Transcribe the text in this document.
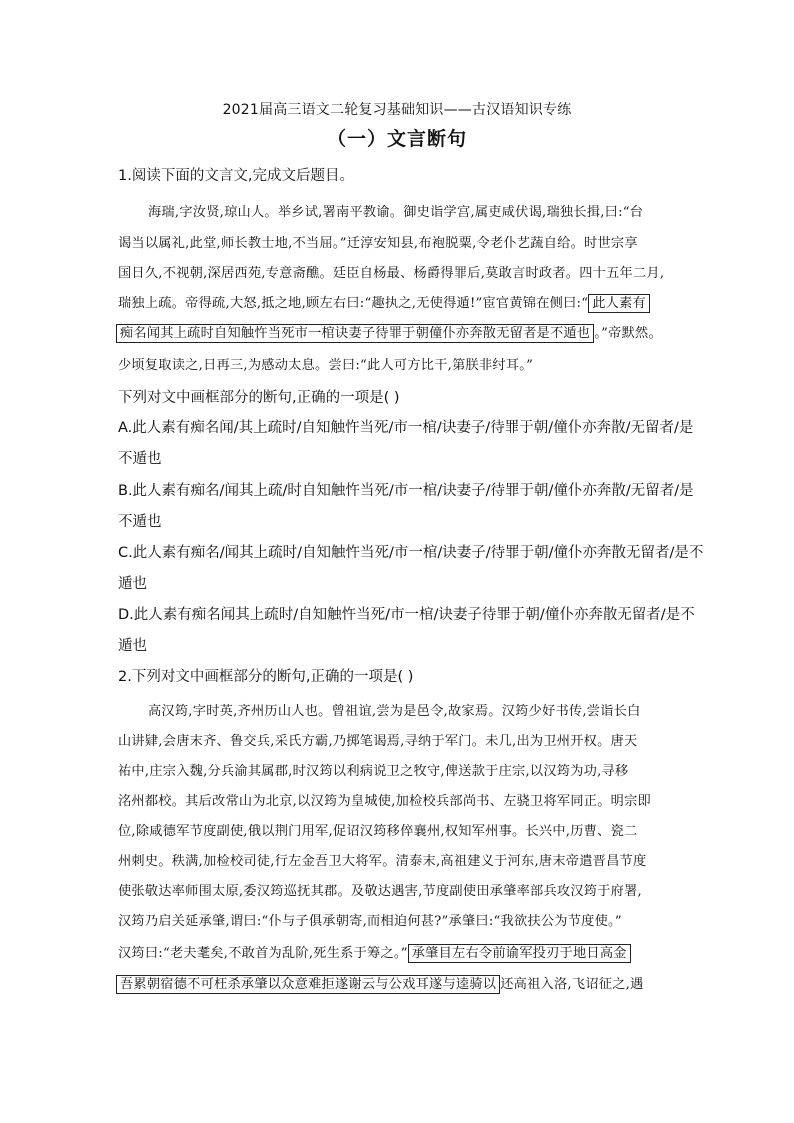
2021届高三语文二轮复习基础知识——古汉语知识专练
（一）文言断句
1.阅读下面的文言文,完成文后题目。
海瑞,字汝贤,琼山人。举乡试,署南平教谕。御史诣学宫,属吏咸伏谒,瑞独长揖,曰:“台
谒当以属礼,此堂,师长教士地,不当屈。”迁淳安知县,布袍脱粟,令老仆艺蔬自给。时世宗享
国日久,不视朝,深居西苑,专意斋醮。廷臣自杨最、杨爵得罪后,莫敢言时政者。四十五年二月,
瑞独上疏。帝得疏,大怒,抵之地,顾左右曰:“趣执之,无使得遁!”宦官黄锦在侧曰:“ 此人素有
痴名闻其上疏时自知触忤当死市一棺诀妻子待罪于朝僮仆亦奔散无留者是不遁也 。”帝默然。
少顷复取读之,日再三,为感动太息。尝曰:“此人可方比干,第朕非纣耳。”
下列对文中画框部分的断句,正确的一项是( )
A.此人素有痴名闻/其上疏时/自知触忤当死/市一棺/诀妻子/待罪于朝/僮仆亦奔散/无留者/是
不遁也
B.此人素有痴名/闻其上疏/时自知触忤当死/市一棺/诀妻子/待罪于朝/僮仆亦奔散/无留者/是
不遁也
C.此人素有痴名/闻其上疏时/自知触忤当死/市一棺/诀妻子/待罪于朝/僮仆亦奔散无留者/是不
遁也
D.此人素有痴名闻其上疏时/自知触忤当死/市一棺/诀妻子待罪于朝/僮仆亦奔散无留者/是不
遁也
2.下列对文中画框部分的断句,正确的一项是( )
高汉筠,字时英,齐州历山人也。曾祖谊,尝为是邑令,故家焉。汉筠少好书传,尝诣长白
山讲肄,会唐末齐、鲁交兵,采氏方霸,乃掷笔谒焉,寻纳于军门。未几,出为卫州开权。唐天
祐中,庄宗入魏,分兵渝其属郡,时汉筠以利病说卫之牧守,俾送款于庄宗,以汉筠为功,寻移
洺州都校。其后改常山为北京,以汉筠为皇城使,加检校兵部尚书、左骁卫将军同正。明宗即
位,除咸德军节度副使,俄以荆门用军,促诏汉筠移倅襄州,权知军州事。长兴中,历曹、瓷二
州刺史。秩满,加检校司徒,行左金吾卫大将军。清泰末,高祖建义于河东,唐末帝遣晋昌节度
使张敬达率师围太原,委汉筠巡抚其郡。及敬达遇害,节度副使田承肇率部兵攻汉筠于府署,
汉筠乃启关延承肇,谓曰:“仆与子俱承朝寄,而相迫何甚?”承肇曰:“我欲扶公为节度使。”
汉筠曰:“老夫耄矣,不敢首为乱阶,死生系于筹之。” 承肇目左右令前谕军投刃于地日高金
吾累朝宿德不可枉杀承肇以众意难拒遂谢云与公戏耳遂与逵骑以 还高祖入洛,飞诏征之,遇
